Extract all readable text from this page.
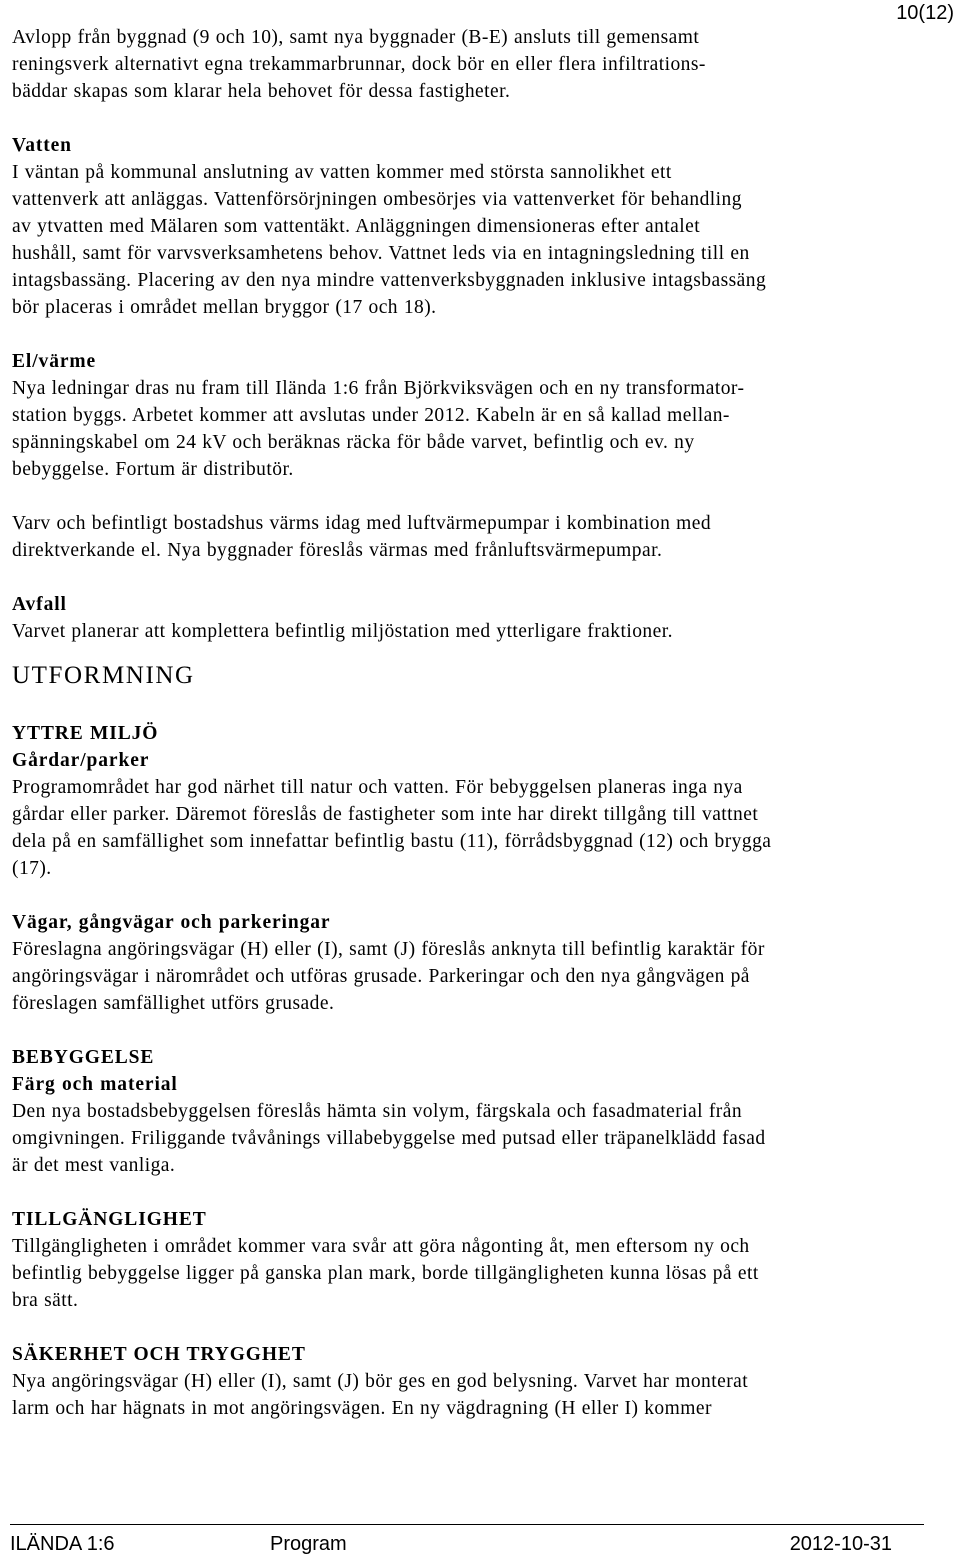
10(12)

Avlopp från byggnad (9 och 10), samt nya byggnader (B-E) ansluts till gemensamt
reningsverk alternativt egna trekammarbrunnar, dock bör en eller flera infiltrations-
bäddar skapas som klarar hela behovet för dessa fastigheter.

Vatten

I väntan på kommunal anslutning av vatten kommer med största sannolikhet ett
vattenverk att anläggas. Vattenförsörjningen ombesörjes via vattenverket för behandling
av ytvatten med Mälaren som vattentäkt. Anläggningen dimensioneras efter antalet
hushåll, samt för varvsverksamhetens behov. Vattnet leds via en intagningsledning till en
intagsbassäng. Placering av den nya mindre vattenverksbyggnaden inklusive intagsbassäng
bör placeras i området mellan bryggor (17 och 18).

El/värme

Nya ledningar dras nu fram till Ilända 1:6 från Björkviksvägen och en ny transformator-
station byggs. Arbetet kommer att avslutas under 2012. Kabeln är en så kallad mellan-
spänningskabel om 24 kV och beräknas räcka för både varvet, befintlig och ev. ny
bebyggelse. Fortum är distributör.

Varv och befintligt bostadshus värms idag med luftvärmepumpar i kombination med
direktverkande el. Nya byggnader föreslås värmas med frånluftsvärmepumpar.

Avfall

Varvet planerar att komplettera befintlig miljöstation med ytterligare fraktioner.

UTFORMNING
YTTRE MILJÖ
Gårdar/parker

Programområdet har god närhet till natur och vatten. För bebyggelsen planeras inga nya
gårdar eller parker. Däremot föreslås de fastigheter som inte har direkt tillgång till vattnet
dela på en samfällighet som innefattar befintlig bastu (11), förrådsbyggnad (12) och brygga
(17).

Vägar, gångvägar och parkeringar

Föreslagna angöringsvägar (H) eller (I), samt (J) föreslås anknyta till befintlig karaktär för
angöringsvägar i närområdet och utföras grusade. Parkeringar och den nya gångvägen på
föreslagen samfällighet utförs grusade.

BEBYGGELSE
Färg och material

Den nya bostadsbebyggelsen föreslås hämta sin volym, färgskala och fasadmaterial från
omgivningen. Friliggande tvåvånings villabebyggelse med putsad eller träpanelklädd fasad
är det mest vanliga.

TILLGÄNGLIGHET

Tillgängligheten i området kommer vara svår att göra någonting åt, men eftersom ny och
befintlig bebyggelse ligger på ganska plan mark, borde tillgängligheten kunna lösas på ett
bra sätt.

SÄKERHET OCH TRYGGHET

Nya angöringsvägar (H) eller (I), samt (J) bör ges en god belysning. Varvet har monterat
larm och har hägnats in mot angöringsvägen. En ny vägdragning (H eller I) kommer

ILÄNDA 1:6	Program	2012-10-31
